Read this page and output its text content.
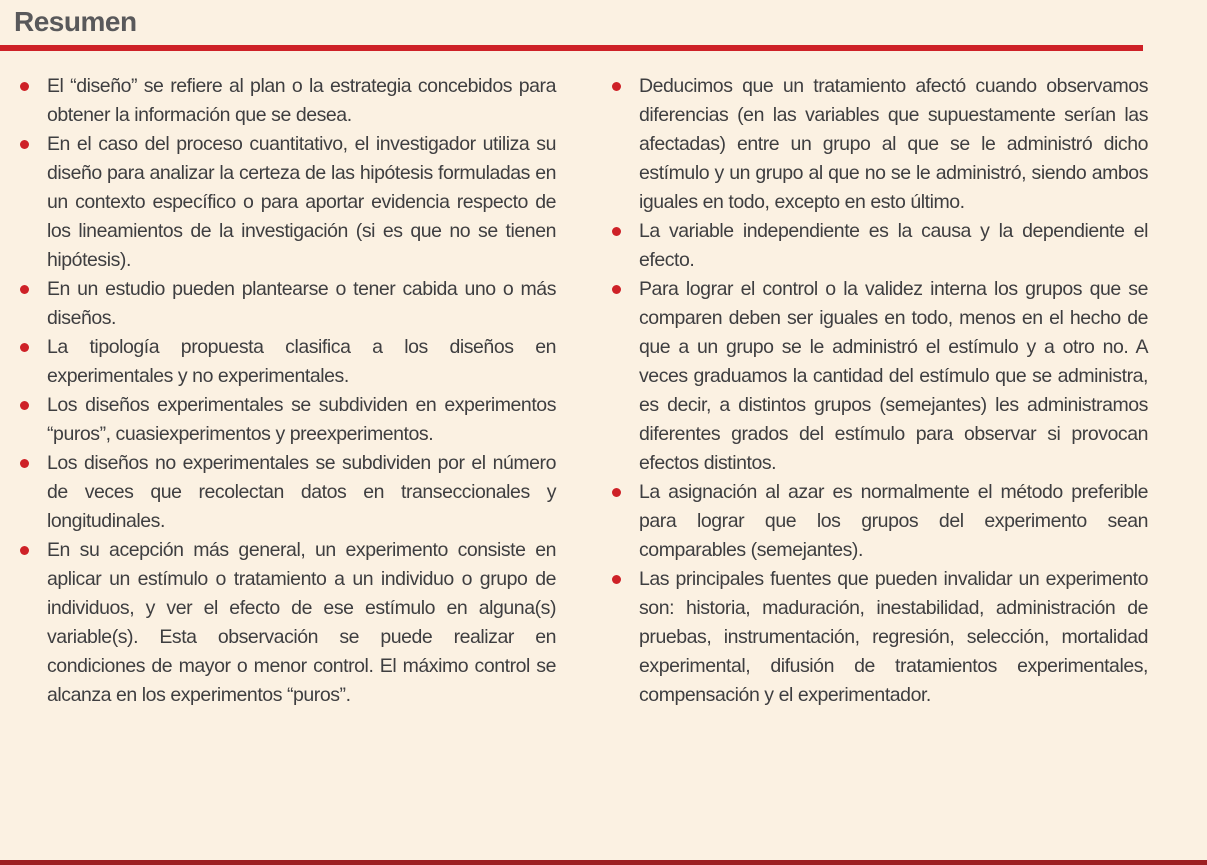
Resumen
El “diseño” se refiere al plan o la estrategia concebidos para obtener la información que se desea.
En el caso del proceso cuantitativo, el investigador utiliza su diseño para analizar la certeza de las hipótesis formuladas en un contexto específico o para aportar evidencia respecto de los lineamientos de la investigación (si es que no se tienen hipótesis).
En un estudio pueden plantearse o tener cabida uno o más diseños.
La tipología propuesta clasifica a los diseños en experimentales y no experimentales.
Los diseños experimentales se subdividen en experimentos “puros”, cuasiexperimentos y preexperimentos.
Los diseños no experimentales se subdividen por el número de veces que recolectan datos en transeccionales y longitudinales.
En su acepción más general, un experimento consiste en aplicar un estímulo o tratamiento a un individuo o grupo de individuos, y ver el efecto de ese estímulo en alguna(s) variable(s). Esta observación se puede realizar en condiciones de mayor o menor control. El máximo control se alcanza en los experimentos “puros”.
Deducimos que un tratamiento afectó cuando observamos diferencias (en las variables que supuestamente serían las afectadas) entre un grupo al que se le administró dicho estímulo y un grupo al que no se le administró, siendo ambos iguales en todo, excepto en esto último.
La variable independiente es la causa y la dependiente el efecto.
Para lograr el control o la validez interna los grupos que se comparen deben ser iguales en todo, menos en el hecho de que a un grupo se le administró el estímulo y a otro no. A veces graduamos la cantidad del estímulo que se administra, es decir, a distintos grupos (semejantes) les administramos diferentes grados del estímulo para observar si provocan efectos distintos.
La asignación al azar es normalmente el método preferible para lograr que los grupos del experimento sean comparables (semejantes).
Las principales fuentes que pueden invalidar un experimento son: historia, maduración, inestabilidad, administración de pruebas, instrumentación, regresión, selección, mortalidad experimental, difusión de tratamientos experimentales, compensación y el experimentador.
